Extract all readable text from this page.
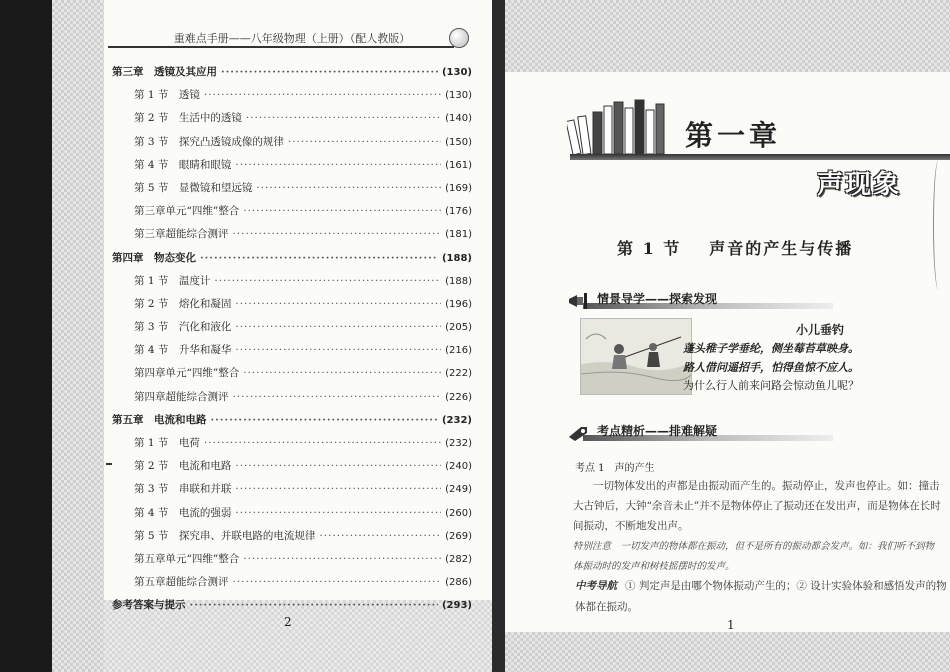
重难点手册——八年级物理（上册）（配人教版）
第三章　透镜及其应用 ·····	(130)
第 1 节　透镜 ·····	(130)
第 2 节　生活中的透镜 ·····	(140)
第 3 节　探究凸透镜成像的规律 ·····	(150)
第 4 节　眼睛和眼镜 ·····	(161)
第 5 节　显微镜和望远镜 ·····	(169)
第三章单元“四维”整合 ·····	(176)
第三章超能综合测评 ·····	(181)
第四章　物态变化 ·····	(188)
第 1 节　温度计 ·····	(188)
第 2 节　熔化和凝固 ·····	(196)
第 3 节　汽化和液化 ·····	(205)
第 4 节　升华和凝华 ·····	(216)
第四章单元“四维”整合 ·····	(222)
第四章超能综合测评 ·····	(226)
第五章　电流和电路 ·····	(232)
第 1 节　电荷 ·····	(232)
第 2 节　电流和电路 ·····	(240)
第 3 节　串联和并联 ·····	(249)
第 4 节　电流的强弱 ·····	(260)
第 5 节　探究串、并联电路的电流规律 ·····	(269)
第五章单元“四维”整合 ·····	(282)
第五章超能综合测评 ·····	(286)
参考答案与提示 ·····	(293)
2
第一章
声现象
第 1 节 声音的产生与传播
情景导学——探索发现
小儿垂钓
蓬头稚子学垂纶，侧坐莓苔草映身。
路人借问遥招手，怕得鱼惊不应人。
为什么行人前来问路会惊动鱼儿呢？
考点精析——排难解疑
考点 1　声的产生
一切物体发出的声都是由振动而产生的。振动停止，发声也停止。如：撞击大古钟后，大钟“余音未止”并不是物体停止了振动还在发出声，而是物体在长时间振动，不断地发出声。
特别注意　一切发声的物体都在振动，但不是所有的振动都会发声。如：我们听不到物体振动时的发声和树枝摇摆时的发声。
中考导航 ① 判定声是由哪个物体振动产生的；② 设计实验体验和感悟发声的物体都在振动。
1
